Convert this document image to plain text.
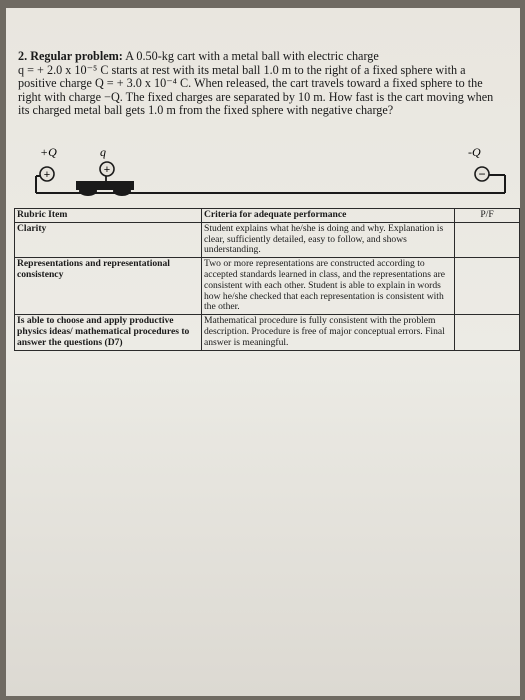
2. Regular problem: A 0.50-kg cart with a metal ball with electric charge

q = + 2.0 x 10⁻⁵ C starts at rest with its metal ball 1.0 m to the right of a fixed sphere with a

positive charge Q = + 3.0 x 10⁻⁴ C. When released, the cart travels toward a fixed sphere to the

right with charge −Q. The fixed charges are separated by 10 m. How fast is the cart moving when

its charged metal ball gets 1.0 m from the fixed sphere with negative charge?

+Q	q	-Q
+	+	−
Rubric Item	Criteria for adequate performance	P/F
Clarity	Student explains what he/she is doing and why. Explanation is clear, sufficiently detailed, easy to follow, and shows understanding.	
Representations and representational consistency	Two or more representations are constructed according to accepted standards learned in class, and the representations are consistent with each other. Student is able to explain in words how he/she checked that each representation is consistent with the other.	
Is able to choose and apply productive physics ideas/ mathematical procedures to answer the questions (D7)	Mathematical procedure is fully consistent with the problem description. Procedure is free of major conceptual errors. Final answer is meaningful.	
